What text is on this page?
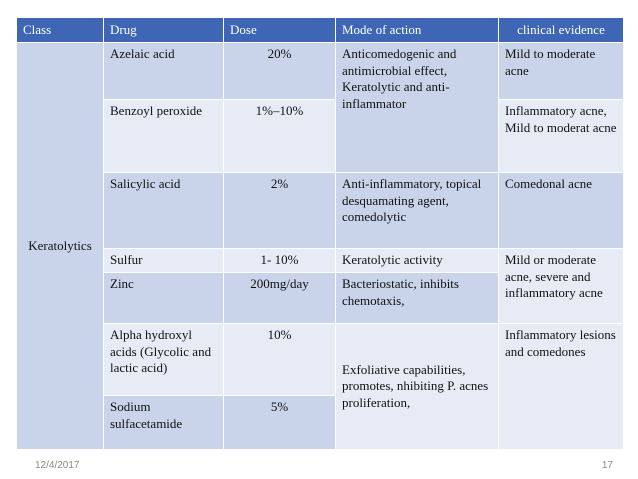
Class	Drug	Dose	Mode of action	clinical evidence
Keratolytics	Azelaic acid	20%	Anticomedogenic and antimicrobial effect, Keratolytic and anti-inflammator	Mild to moderate acne
	Benzoyl peroxide	1%–10%		Inflammatory acne, Mild to moderat acne
	Salicylic acid	2%	Anti-inflammatory, topical desquamating agent, comedolytic	Comedonal acne
	Sulfur	1- 10%	Keratolytic activity	Mild or moderate acne, severe and inflammatory acne
	Zinc	200mg/day	Bacteriostatic, inhibits chemotaxis,	
	Alpha hydroxyl acids (Glycolic and lactic acid)	10%	Exfoliative capabilities, promotes, nhibiting P. acnes proliferation,	Inflammatory lesions and comedones
	Sodium sulfacetamide	5%		
12/4/2017	17
